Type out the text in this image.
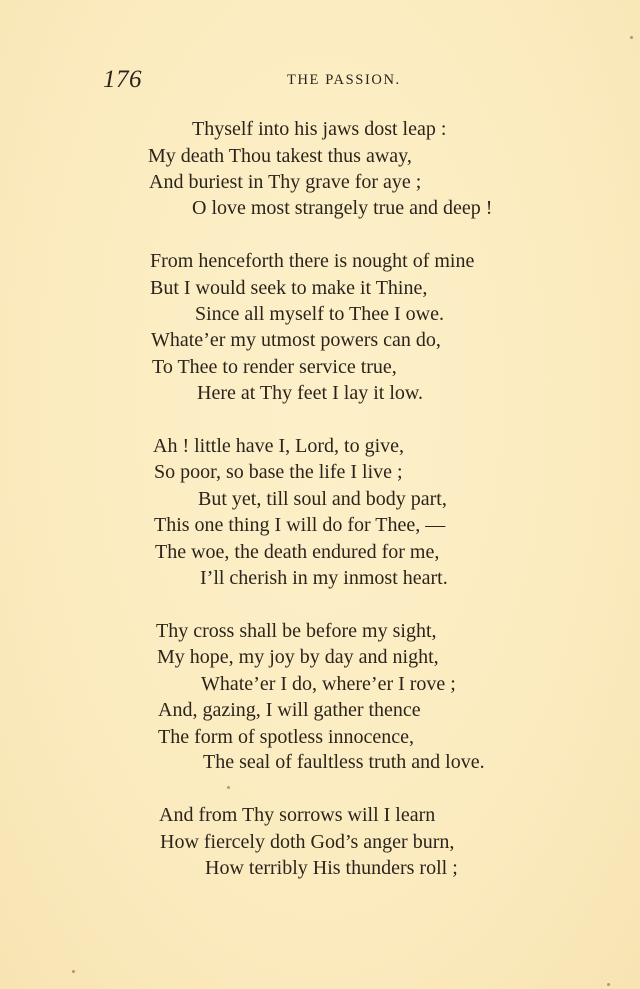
176	THE PASSION.
Thyself into his jaws dost leap :
My death Thou takest thus away,
And buriest in Thy grave for aye ;
O love most strangely true and deep !
From henceforth there is nought of mine
But I would seek to make it Thine,
Since all myself to Thee I owe.
Whate’er my utmost powers can do,
To Thee to render service true,
Here at Thy feet I lay it low.
Ah ! little have I, Lord, to give,
So poor, so base the life I live ;
But yet, till soul and body part,
This one thing I will do for Thee, —
The woe, the death endured for me,
I’ll cherish in my inmost heart.
Thy cross shall be before my sight,
My hope, my joy by day and night,
Whate’er I do, where’er I rove ;
And, gazing, I will gather thence
The form of spotless innocence,
The seal of faultless truth and love.
And from Thy sorrows will I learn
How fiercely doth God’s anger burn,
How terribly His thunders roll ;
